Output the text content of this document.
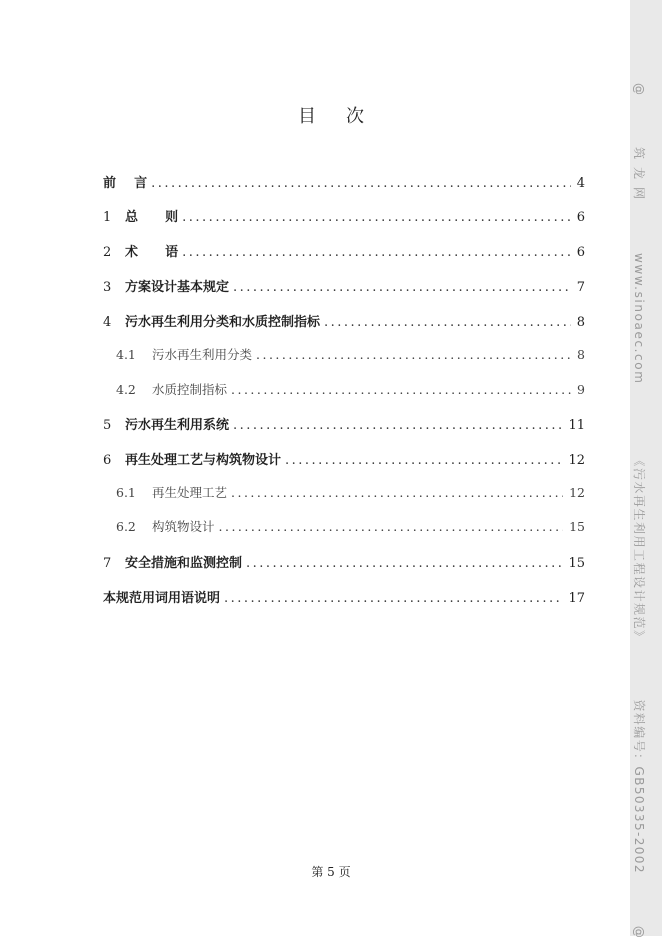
目 次
前    言 .....	4
1	总      则 .....	6
2	术      语 .....	6
3	方案设计基本规定 .....	7
4	污水再生利用分类和水质控制指标 .....	8
4.1	污水再生利用分类 .....	8
4.2	水质控制指标 .....	9
5	污水再生利用系统 .....	11
6	再生处理工艺与构筑物设计 .....	12
6.1	再生处理工艺 .....	12
6.2	构筑物设计 .....	15
7	安全措施和监测控制 .....	15
本规范用词用语说明 .....	17
第 5 页
@筑龙网www.sinoaec.com《污水再生利用工程设计规范》资料编号：GB50335-2002@
